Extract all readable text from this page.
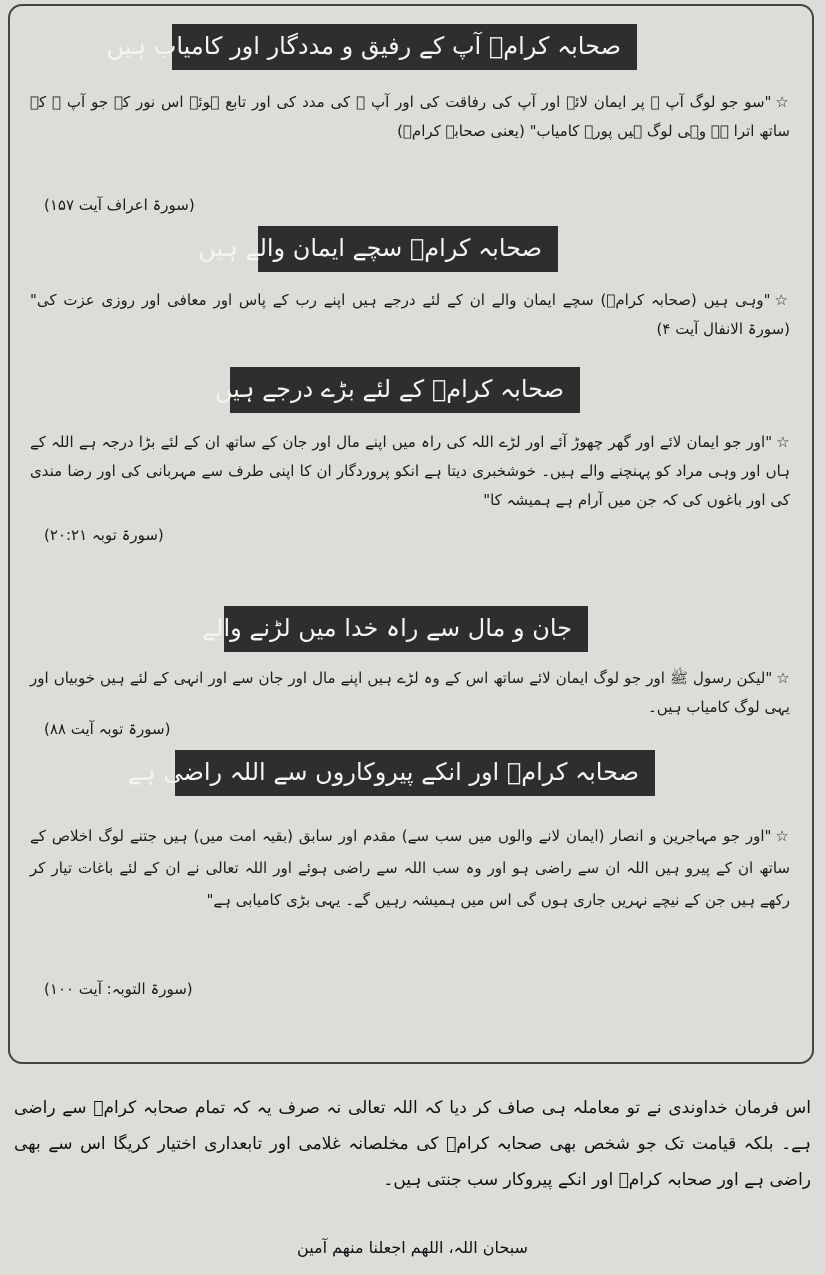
صحابہ کرامؓ آپ کے رفیق و مددگار اور کامیاب ہیں
☆"سو جو لوگ آپ ﷺ پر ایمان لائے اور آپ کی رفاقت کی اور آپ ﷺ کی مدد کی اور تابع ہوئے اس نور کے جو آپ ﷺ کے ساتھ اترا ہے وہی لوگ ہیں پورے کامیاب" (یعنی صحابہ کرامؓ)
(سورۃ اعراف آیت ۱۵۷)
صحابہ کرامؓ سچے ایمان والے ہیں
☆"وہی ہیں (صحابہ کرامؓ) سچے ایمان والے ان کے لئے درجے ہیں اپنے رب کے پاس اور معافی اور روزی عزت کی" (سورۃ الانفال آیت ۴)
صحابہ کرامؓ کے لئے بڑے درجے ہیں
☆"اور جو ایمان لائے اور گھر چھوڑ آئے اور لڑے اللہ کی راہ میں اپنے مال اور جان کے ساتھ ان کے لئے بڑا درجہ ہے اللہ کے ہاں اور وہی مراد کو پہنچنے والے ہیں۔ خوشخبری دیتا ہے انکو پروردگار ان کا اپنی طرف سے مہربانی کی اور رضا مندی کی اور باغوں کی کہ جن میں آرام ہے ہمیشہ کا"
(سورۃ توبہ ۲۰:۲۱)
جان و مال سے راہ خدا میں لڑنے والے
☆"لیکن رسول ﷺ اور جو لوگ ایمان لائے ساتھ اس کے وہ لڑے ہیں اپنے مال اور جان سے اور انہی کے لئے ہیں خوبیاں اور یہی لوگ کامیاب ہیں۔
(سورۃ توبہ آیت ۸۸)
صحابہ کرامؓ اور انکے پیروکاروں سے اللہ راضی ہے
☆"اور جو مہاجرین و انصار (ایمان لانے والوں میں سب سے) مقدم اور سابق (بقیہ امت میں) ہیں جتنے لوگ اخلاص کے ساتھ ان کے پیرو ہیں اللہ ان سے راضی ہو اور وہ سب اللہ سے راضی ہوئے اور اللہ تعالی نے ان کے لئے باغات تیار کر رکھے ہیں جن کے نیچے نہریں جاری ہوں گی اس میں ہمیشہ رہیں گے۔ یہی بڑی کامیابی ہے"
(سورۃ التوبہ: آیت ۱۰۰)
اس فرمان خداوندی نے تو معاملہ ہی صاف کر دیا کہ اللہ تعالی نہ صرف یہ کہ تمام صحابہ کرامؓ سے راضی ہے۔ بلکہ قیامت تک جو شخص بھی صحابہ کرامؓ کی مخلصانہ غلامی اور تابعداری اختیار کریگا اس سے بھی راضی ہے اور صحابہ کرامؓ اور انکے پیروکار سب جنتی ہیں۔
سبحان اللہ، اللھم اجعلنا منھم آمین
